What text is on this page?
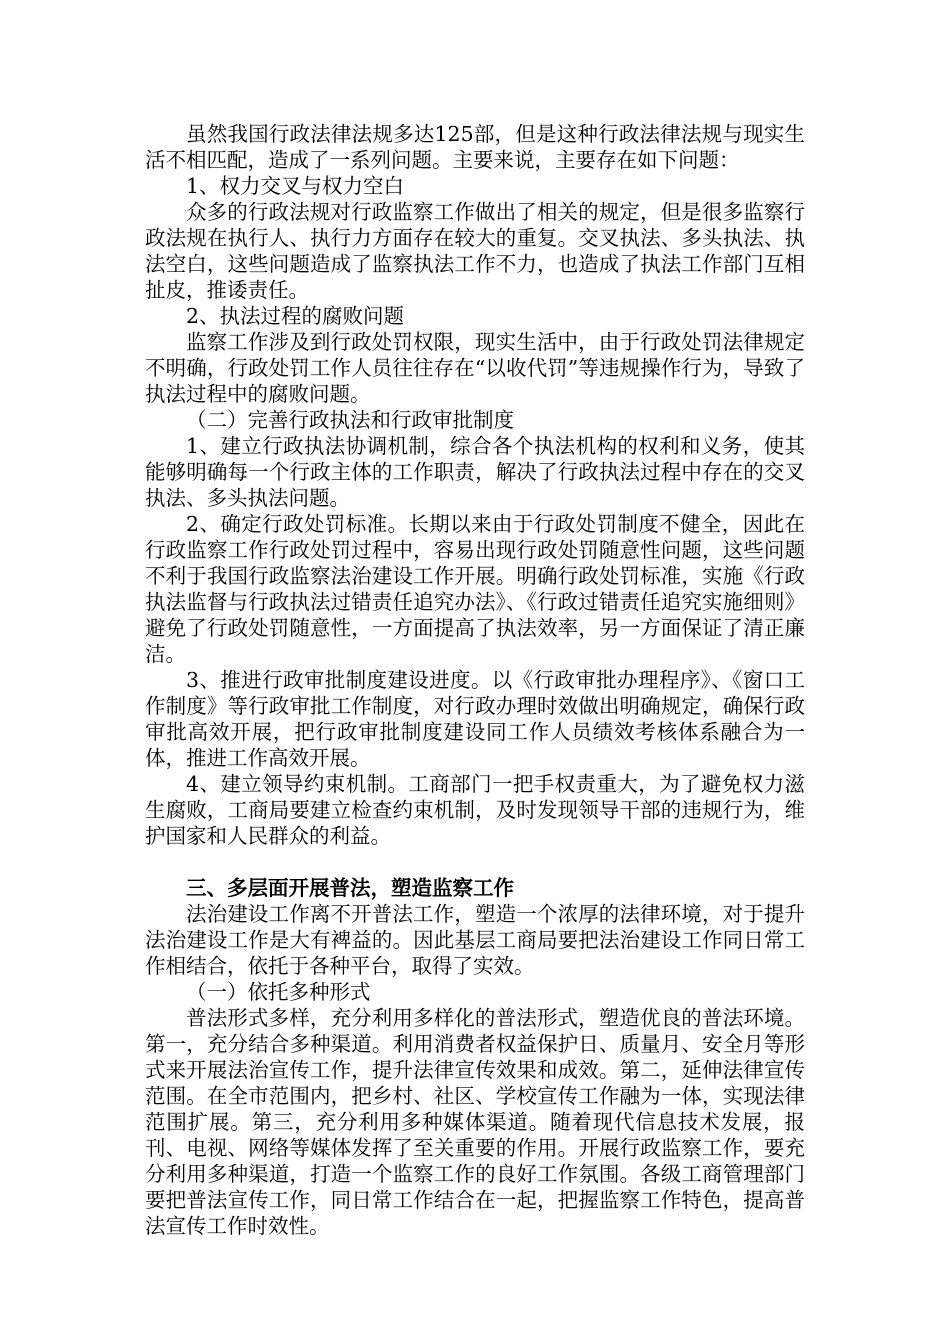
虽然我国行政法律法规多达125部，但是这种行政法律法规与现实生活不相匹配，造成了一系列问题。主要来说，主要存在如下问题：

1、权力交叉与权力空白

众多的行政法规对行政监察工作做出了相关的规定，但是很多监察行政法规在执行人、执行力方面存在较大的重复。交叉执法、多头执法、执法空白，这些问题造成了监察执法工作不力，也造成了执法工作部门互相扯皮，推诿责任。

2、执法过程的腐败问题

监察工作涉及到行政处罚权限，现实生活中，由于行政处罚法律规定不明确，行政处罚工作人员往往存在“以收代罚”等违规操作行为，导致了执法过程中的腐败问题。

（二）完善行政执法和行政审批制度

1、建立行政执法协调机制，综合各个执法机构的权利和义务，使其能够明确每一个行政主体的工作职责，解决了行政执法过程中存在的交叉执法、多头执法问题。

2、确定行政处罚标准。长期以来由于行政处罚制度不健全，因此在行政监察工作行政处罚过程中，容易出现行政处罚随意性问题，这些问题不利于我国行政监察法治建设工作开展。明确行政处罚标准，实施《行政执法监督与行政执法过错责任追究办法》、《行政过错责任追究实施细则》避免了行政处罚随意性，一方面提高了执法效率，另一方面保证了清正廉洁。

3、推进行政审批制度建设进度。以《行政审批办理程序》、《窗口工作制度》等行政审批工作制度，对行政办理时效做出明确规定，确保行政审批高效开展，把行政审批制度建设同工作人员绩效考核体系融合为一体，推进工作高效开展。

4、建立领导约束机制。工商部门一把手权责重大，为了避免权力滋生腐败，工商局要建立检查约束机制，及时发现领导干部的违规行为，维护国家和人民群众的利益。

三、多层面开展普法，塑造监察工作

法治建设工作离不开普法工作，塑造一个浓厚的法律环境，对于提升法治建设工作是大有裨益的。因此基层工商局要把法治建设工作同日常工作相结合，依托于各种平台，取得了实效。

（一）依托多种形式

普法形式多样，充分利用多样化的普法形式，塑造优良的普法环境。第一，充分结合多种渠道。利用消费者权益保护日、质量月、安全月等形式来开展法治宣传工作，提升法律宣传效果和成效。第二，延伸法律宣传范围。在全市范围内，把乡村、社区、学校宣传工作融为一体，实现法律范围扩展。第三，充分利用多种媒体渠道。随着现代信息技术发展，报刊、电视、网络等媒体发挥了至关重要的作用。开展行政监察工作，要充分利用多种渠道，打造一个监察工作的良好工作氛围。各级工商管理部门要把普法宣传工作，同日常工作结合在一起，把握监察工作特色，提高普法宣传工作时效性。
